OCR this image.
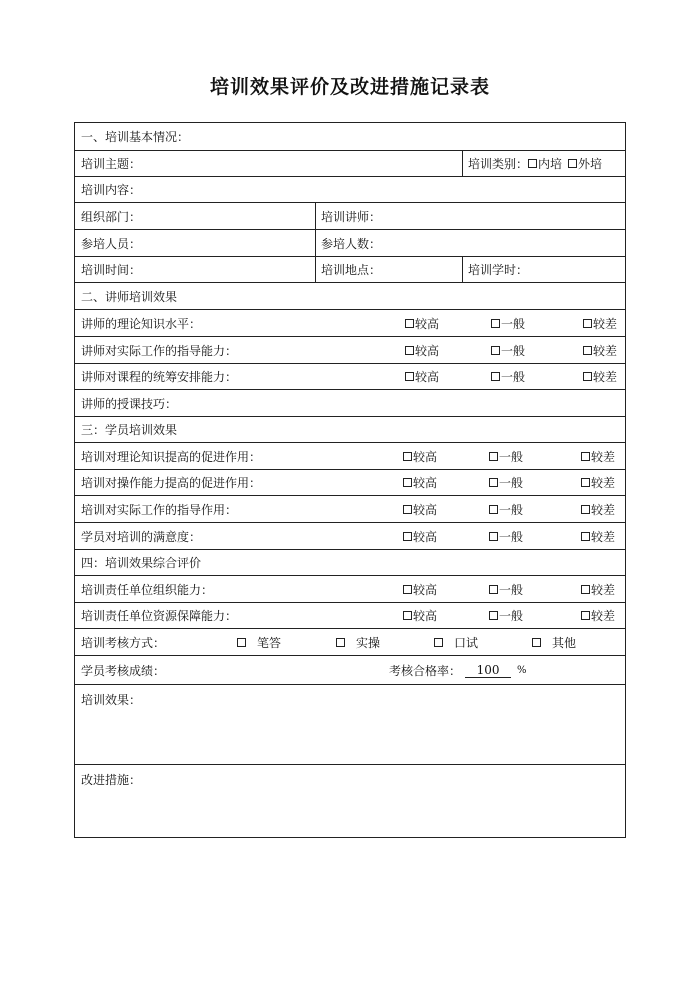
培训效果评价及改进措施记录表
一、培训基本情况：
培训主题：	培训类别： 内培 外培
培训内容：
组织部门：	培训讲师：
参培人员：	参培人数：
培训时间：	培训地点：	培训学时：
二、讲师培训效果
讲师的理论知识水平：	较高	一般	较差
讲师对实际工作的指导能力：	较高	一般	较差
讲师对课程的统筹安排能力：	较高	一般	较差
讲师的授课技巧：
三：学员培训效果
培训对理论知识提高的促进作用：	较高	一般	较差
培训对操作能力提高的促进作用：	较高	一般	较差
培训对实际工作的指导作用：	较高	一般	较差
学员对培训的满意度：	较高	一般	较差
四：培训效果综合评价
培训责任单位组织能力：	较高	一般	较差
培训责任单位资源保障能力：	较高	一般	较差
培训考核方式：	笔答	实操	口试	其他
学员考核成绩：	考核合格率：	100	%
培训效果：
改进措施：
